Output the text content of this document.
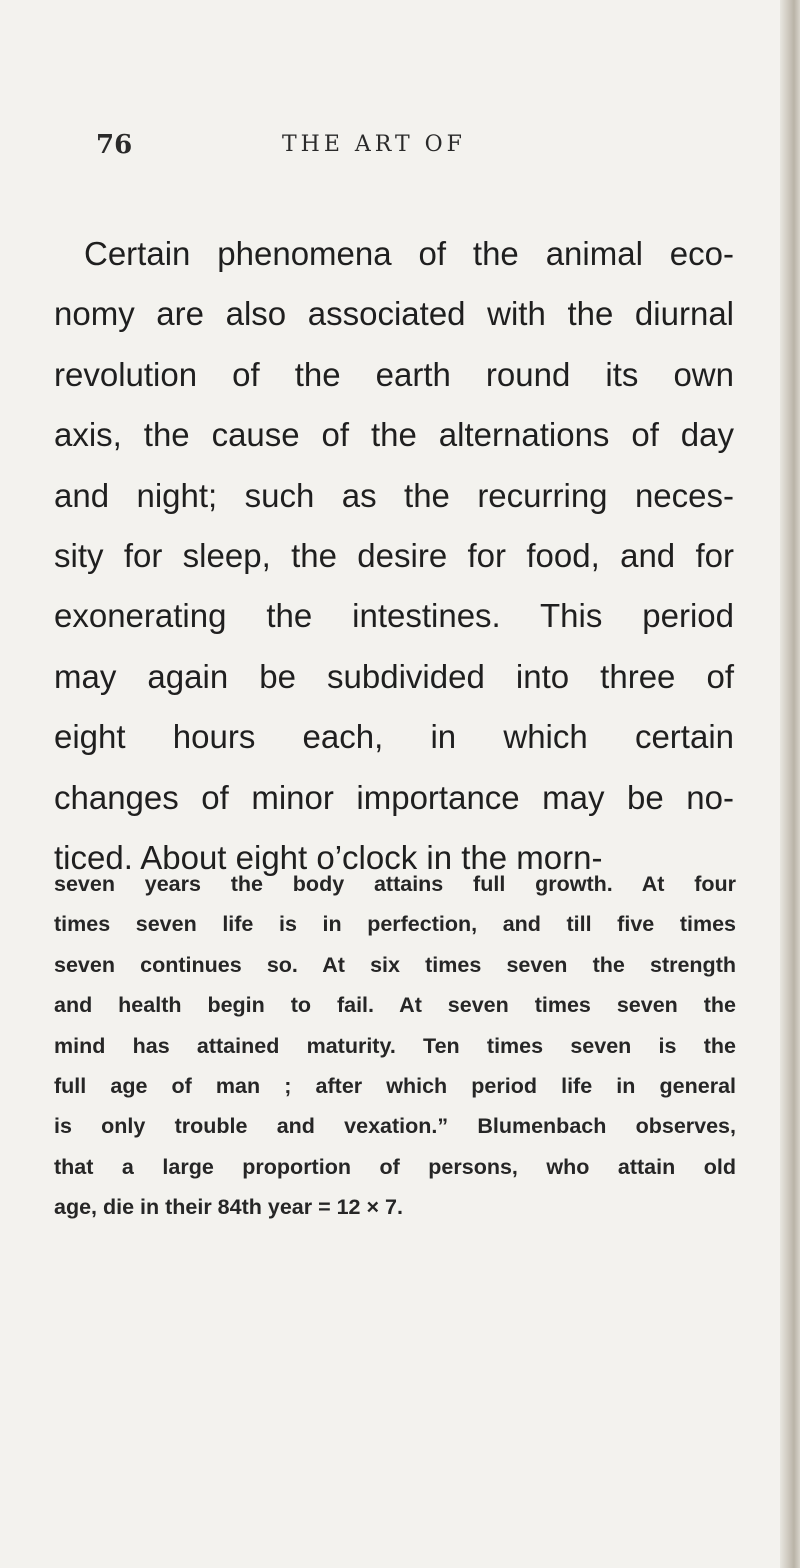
76	THE ART OF
Certain phenomena of the animal eco-
nomy are also associated with the diurnal
revolution of the earth round its own
axis, the cause of the alternations of day
and night; such as the recurring neces-
sity for sleep, the desire for food, and for
exonerating the intestines. This period
may again be subdivided into three of
eight hours each, in which certain
changes of minor importance may be no-
ticed. About eight o’clock in the morn-
seven years the body attains full growth. At four
times seven life is in perfection, and till five times
seven continues so. At six times seven the strength
and health begin to fail. At seven times seven the
mind has attained maturity. Ten times seven is the
full age of man ; after which period life in general
is only trouble and vexation.” Blumenbach observes,
that a large proportion of persons, who attain old
age, die in their 84th year = 12 × 7.
